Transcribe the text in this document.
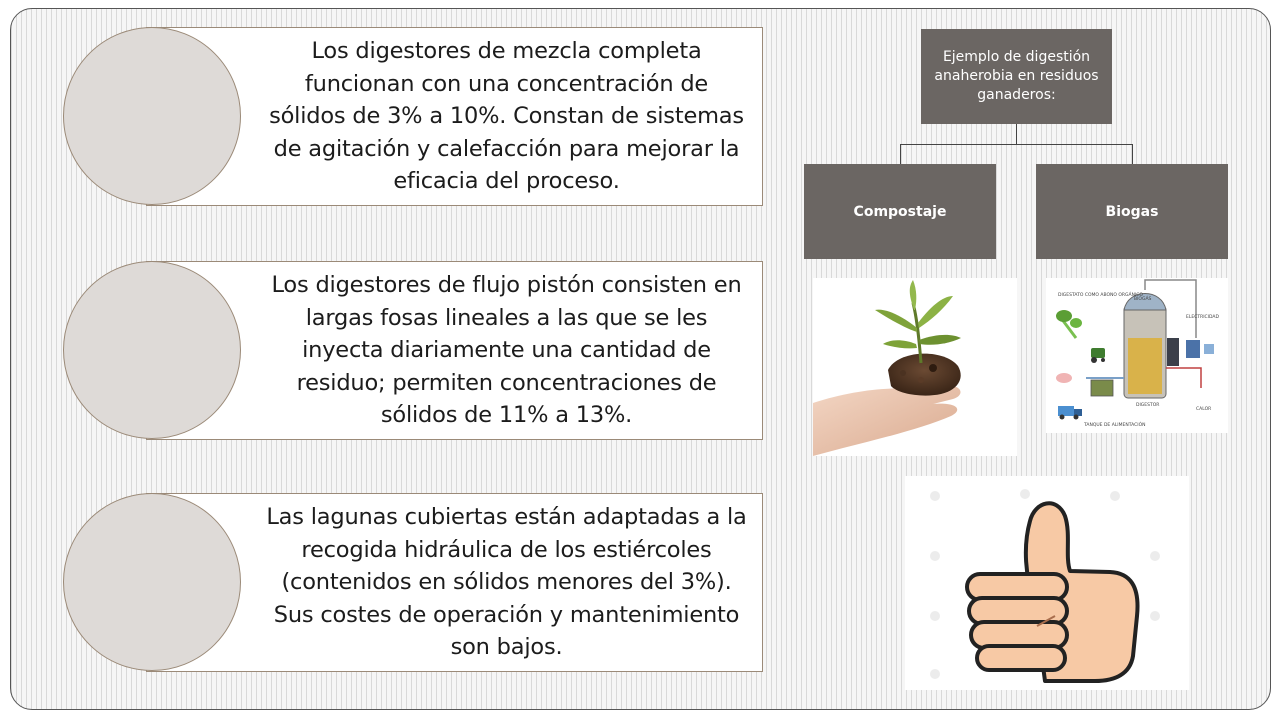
Los digestores de mezcla completa funcionan con una concentración de sólidos de 3% a 10%. Constan de sistemas de agitación y calefacción para mejorar la eficacia del proceso.
Los digestores de flujo pistón consisten en largas fosas lineales a las que se les inyecta diariamente una cantidad de residuo; permiten concentraciones de sólidos de 11% a 13%.
Las lagunas cubiertas están adaptadas a la recogida hidráulica de los estiércoles (contenidos en sólidos menores del 3%). Sus costes de operación y mantenimiento son bajos.
Ejemplo de digestión anaherobia en residuos ganaderos:
Compostaje	Biogas
DIGESTATO COMO ABONO ORGÁNICO
BIOGÁS
ELECTRICIDAD
DIGESTOR
TANQUE DE ALIMENTACIÓN
CALOR
